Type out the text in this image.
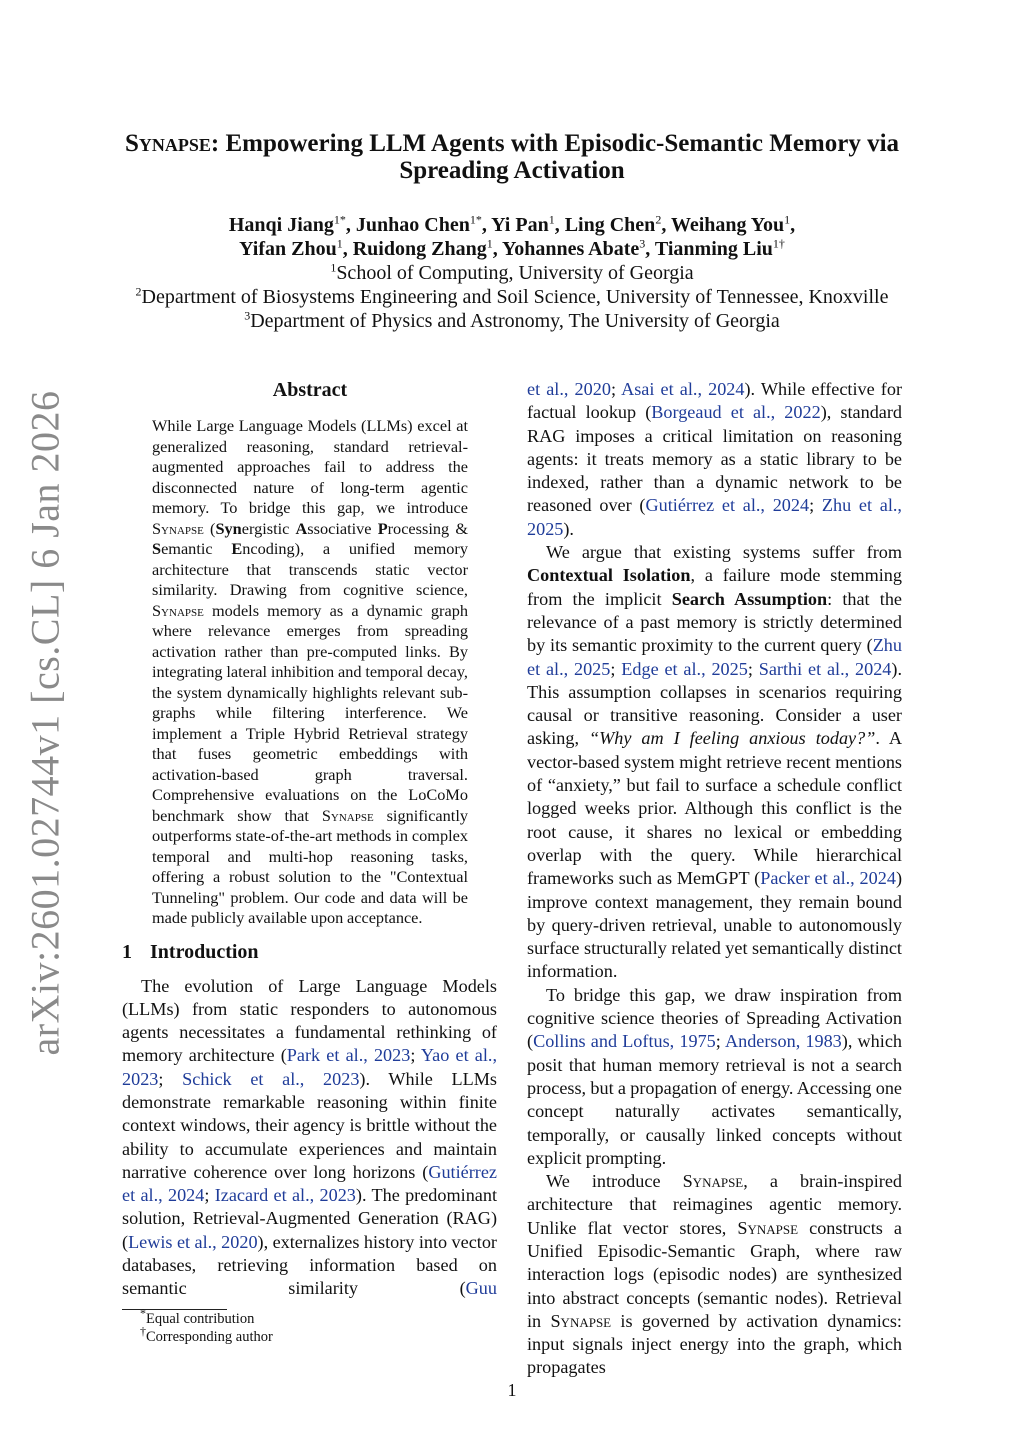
Synapse: Empowering LLM Agents with Episodic-Semantic Memory via
Spreading Activation
Hanqi Jiang$^{1*}$, Junhao Chen$^{1*}$, Yi Pan$^1$, Ling Chen$^2$, Weihang You$^1$,
Yifan Zhou$^1$, Ruidong Zhang$^1$, Yohannes Abate$^3$, Tianming Liu$^{1\dagger}$
$^1$School of Computing, University of Georgia
$^2$Department of Biosystems Engineering and Soil Science, University of Tennessee, Knoxville
$^3$Department of Physics and Astronomy, The University of Georgia
arXiv:2601.02744v1 [cs.CL] 6 Jan 2026
Abstract
While Large Language Models (LLMs) excel at generalized reasoning, standard retrieval-augmented approaches fail to address the disconnected nature of long-term agentic memory. To bridge this gap, we introduce Synapse (Synergistic Associative Processing & Semantic Encoding), a unified memory architecture that transcends static vector similarity. Drawing from cognitive science, Synapse models memory as a dynamic graph where relevance emerges from spreading activation rather than pre-computed links. By integrating lateral inhibition and temporal decay, the system dynamically highlights relevant sub-graphs while filtering interference. We implement a Triple Hybrid Retrieval strategy that fuses geometric embeddings with activation-based graph traversal. Comprehensive evaluations on the LoCoMo benchmark show that Synapse significantly outperforms state-of-the-art methods in complex temporal and multi-hop reasoning tasks, offering a robust solution to the "Contextual Tunneling" problem. Our code and data will be made publicly available upon acceptance.
1 Introduction

The evolution of Large Language Models (LLMs) from static responders to autonomous agents necessitates a fundamental rethinking of memory architecture (Park et al., 2023; Yao et al., 2023; Schick et al., 2023). While LLMs demonstrate remarkable reasoning within finite context windows, their agency is brittle without the ability to accumulate experiences and maintain narrative coherence over long horizons (Gutiérrez et al., 2024; Izacard et al., 2023). The predominant solution, Retrieval-Augmented Generation (RAG) (Lewis et al., 2020), externalizes history into vector databases, retrieving information based on semantic similarity (Guu

*Equal contribution
†Corresponding author

et al., 2020; Asai et al., 2024). While effective for factual lookup (Borgeaud et al., 2022), standard RAG imposes a critical limitation on reasoning agents: it treats memory as a static library to be indexed, rather than a dynamic network to be reasoned over (Gutiérrez et al., 2024; Zhu et al., 2025).

We argue that existing systems suffer from Contextual Isolation, a failure mode stemming from the implicit Search Assumption: that the relevance of a past memory is strictly determined by its semantic proximity to the current query (Zhu et al., 2025; Edge et al., 2025; Sarthi et al., 2024). This assumption collapses in scenarios requiring causal or transitive reasoning. Consider a user asking, “Why am I feeling anxious today?”. A vector-based system might retrieve recent mentions of “anxiety,” but fail to surface a schedule conflict logged weeks prior. Although this conflict is the root cause, it shares no lexical or embedding overlap with the query. While hierarchical frameworks such as MemGPT (Packer et al., 2024) improve context management, they remain bound by query-driven retrieval, unable to autonomously surface structurally related yet semantically distinct information.

To bridge this gap, we draw inspiration from cognitive science theories of Spreading Activation (Collins and Loftus, 1975; Anderson, 1983), which posit that human memory retrieval is not a search process, but a propagation of energy. Accessing one concept naturally activates semantically, temporally, or causally linked concepts without explicit prompting.

We introduce Synapse, a brain-inspired architecture that reimagines agentic memory. Unlike flat vector stores, Synapse constructs a Unified Episodic-Semantic Graph, where raw interaction logs (episodic nodes) are synthesized into abstract concepts (semantic nodes). Retrieval in Synapse is governed by activation dynamics: input signals inject energy into the graph, which propagates

1
